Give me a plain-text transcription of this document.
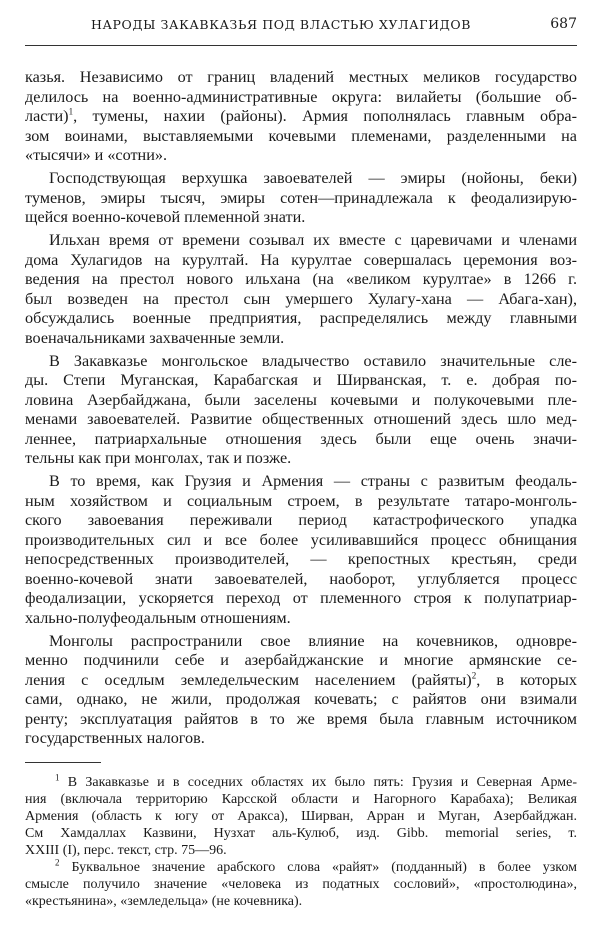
НАРОДЫ ЗАКАВКАЗЬЯ ПОД ВЛАСТЬЮ ХУЛАГИДОВ	687
казья. Независимо от границ владений местных меликов государство
делилось на военно-административные округа: вилайеты (большие об-
ласти)$^1$, тумены, нахии (районы). Армия пополнялась главным обра-
зом воинами, выставляемыми кочевыми племенами, разделенными на
«тысячи» и «сотни».
Господствующая верхушка завоевателей — эмиры (нойоны, беки)
туменов, эмиры тысяч, эмиры сотен—принадлежала к феодализирую-
щейся военно-кочевой племенной знати.
Ильхан время от времени созывал их вместе с царевичами и членами
дома Хулагидов на курултай. На курултае совершалась церемония воз-
ведения на престол нового ильхана (на «великом курултае» в 1266 г.
был возведен на престол сын умершего Хулагу-хана — Абага-хан),
обсуждались военные предприятия, распределялись между главными
военачальниками захваченные земли.
В Закавказье монгольское владычество оставило значительные сле-
ды. Степи Муганская, Карабагская и Ширванская, т. е. добрая по-
ловина Азербайджана, были заселены кочевыми и полукочевыми пле-
менами завоевателей. Развитие общественных отношений здесь шло мед-
леннее, патриархальные отношения здесь были еще очень значи-
тельны как при монголах, так и позже.
В то время, как Грузия и Армения — страны с развитым феодаль-
ным хозяйством и социальным строем, в результате татаро-монголь-
ского завоевания переживали период катастрофического упадка
производительных сил и все более усиливавшийся процесс обнищания
непосредственных производителей, — крепостных крестьян, среди
военно-кочевой знати завоевателей, наоборот, углубляется процесс
феодализации, ускоряется переход от племенного строя к полупатриар-
хально-полуфеодальным отношениям.
Монголы распространили свое влияние на кочевников, одновре-
менно подчинили себе и азербайджанские и многие армянские се-
ления с оседлым земледельческим населением (райяты)$^2$, в которых
сами, однако, не жили, продолжая кочевать; с райятов они взимали
ренту; эксплуатация райятов в то же время была главным источником
государственных налогов.
$^1$ В Закавказье и в соседних областях их было пять: Грузия и Северная Арме-
ния (включала территорию Карсской области и Нагорного Карабаха); Великая
Армения (область к югу от Аракса), Ширван, Арран и Муган, Азербайджан.
См Хамдаллах Казвини, Нузхат аль-Кулюб, изд. Gibb. memorial series, т.
XXIII (I), перс. текст, стр. 75—96.
$^2$ Буквальное значение арабского слова «райят» (подданный) в более узком
смысле получило значение «человека из податных сословий», «простолюдина»,
«крестьянина», «земледельца» (не кочевника).
